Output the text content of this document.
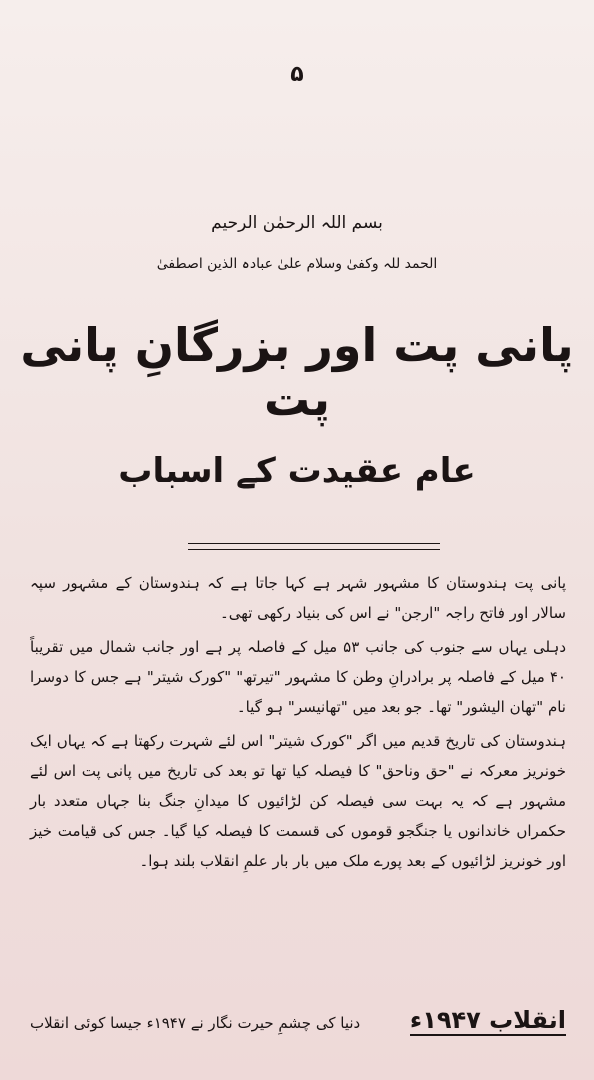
۵
بسم اللہ الرحمٰن الرحیم
الحمد للہ وکفیٰ وسلام علیٰ عبادہ الذین اصطفیٰ
پانی پت اور بزرگانِ پانی پت
عام عقیدت کے اسباب

پانی پت ہندوستان کا مشہور شہر ہے کہا جاتا ہے کہ ہندوستان کے مشہور سپہ سالار اور فاتح راجہ "ارجن" نے اس کی بنیاد رکھی تھی۔

دہلی یہاں سے جنوب کی جانب ۵۳ میل کے فاصلہ پر ہے اور جانب شمال میں تقریباً ۴۰ میل کے فاصلہ پر برادرانِ وطن کا مشہور "تیرتھ" "کورک شیتر" ہے جس کا دوسرا نام "تھان الیشور" تھا۔ جو بعد میں "تھانیسر" ہو گیا۔

ہندوستان کی تاریخ قدیم میں اگر "کورک شیتر" اس لئے شہرت رکھتا ہے کہ یہاں ایک خونریز معرکہ نے "حق وناحق" کا فیصلہ کیا تھا تو بعد کی تاریخ میں پانی پت اس لئے مشہور ہے کہ یہ بہت سی فیصلہ کن لڑائیوں کا میدانِ جنگ بنا جہاں متعدد بار حکمراں خاندانوں یا جنگجو قوموں کی قسمت کا فیصلہ کیا گیا۔ جس کی قیامت خیز اور خونریز لڑائیوں کے بعد پورے ملک میں بار بار علمِ انقلاب بلند ہوا۔

انقلاب ۱۹۴۷ء
دنیا کی چشمِ حیرت نگار نے ۱۹۴۷ء جیسا کوئی انقلاب
